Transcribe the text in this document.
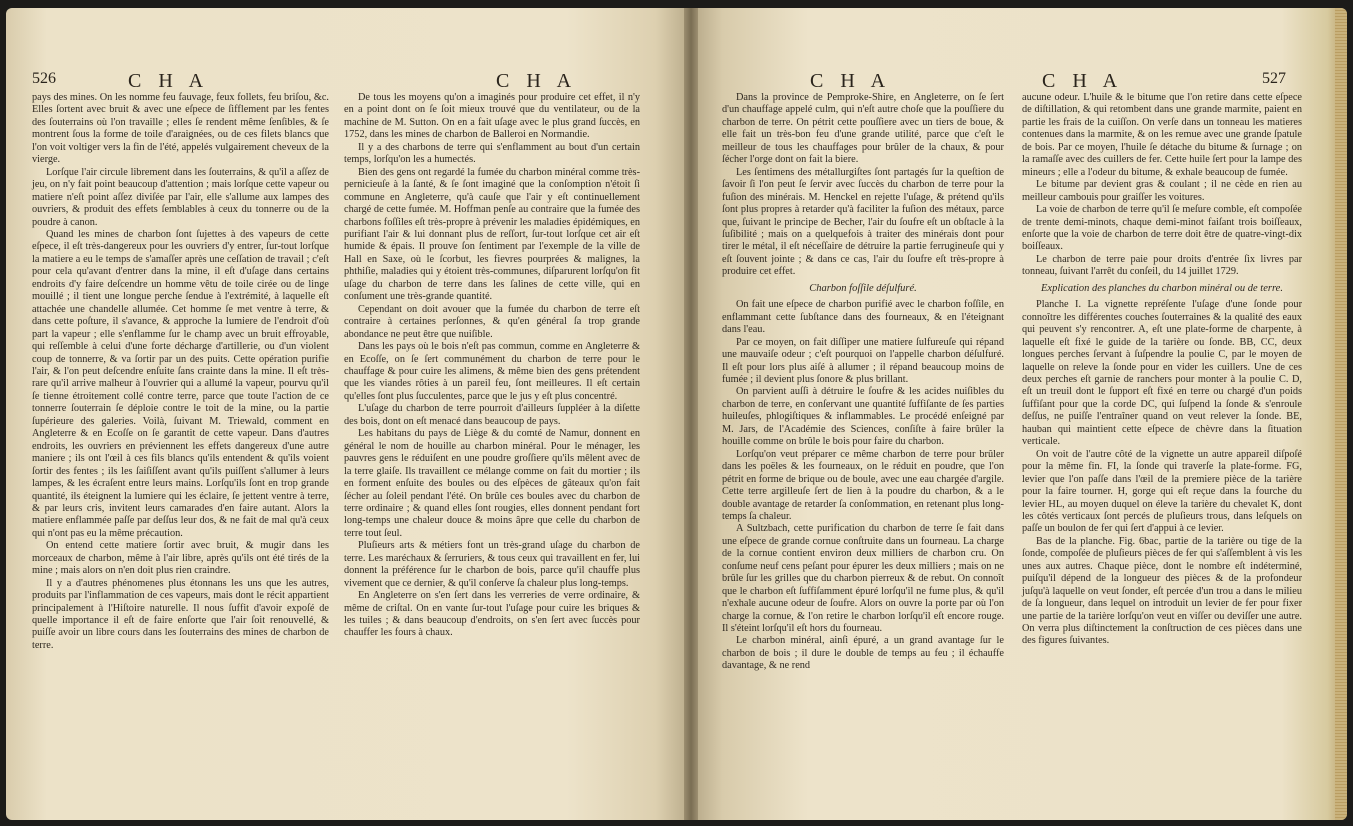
526	C H A	C H A

pays des mines. On les nomme feu fauvage, feux follets, feu briſou, &c. Elles ſortent avec bruit & avec une eſpece de ſifflement par les fentes des ſouterrains où l'on travaille ; elles ſe rendent même ſenſibles, & ſe montrent ſous la forme de toile d'araignées, ou de ces filets blancs que l'on voit voltiger vers la fin de l'été, appelés vulgairement cheveux de la vierge.

Lorſque l'air circule librement dans les ſouterrains, & qu'il a aſſez de jeu, on n'y fait point beaucoup d'attention ; mais lorſque cette vapeur ou matiere n'eſt point aſſez diviſée par l'air, elle s'allume aux lampes des ouvriers, & produit des effets ſemblables à ceux du tonnerre ou de la poudre à canon.

Quand les mines de charbon ſont ſujettes à des vapeurs de cette eſpece, il eſt très-dangereux pour les ouvriers d'y entrer, ſur-tout lorſque la matiere a eu le temps de s'amaſſer après une ceſſation de travail ; c'eſt pour cela qu'avant d'entrer dans la mine, il eſt d'uſage dans certains endroits d'y faire deſcendre un homme vêtu de toile cirée ou de linge mouillé ; il tient une longue perche ſendue à l'extrémité, à laquelle eſt attachée une chandelle allumée. Cet homme ſe met ventre à terre, & dans cette poſture, il s'avance, & approche la lumiere de l'endroit d'où part la vapeur ; elle s'enflamme ſur le champ avec un bruit effroyable, qui reſſemble à celui d'une forte décharge d'artillerie, ou d'un violent coup de tonnerre, & va ſortir par un des puits. Cette opération purifie l'air, & l'on peut deſcendre enſuite ſans crainte dans la mine. Il eſt très-rare qu'il arrive malheur à l'ouvrier qui a allumé la vapeur, pourvu qu'il ſe tienne étroitement collé contre terre, parce que toute l'action de ce tonnerre ſouterrain ſe déploie contre le toit de la mine, ou la partie ſupérieure des galeries. Voilà, ſuivant M. Triewald, comment en Angleterre & en Ecoſſe on ſe garantit de cette vapeur. Dans d'autres endroits, les ouvriers en préviennent les effets dangereux d'une autre maniere ; ils ont l'œil à ces fils blancs qu'ils entendent & qu'ils voient ſortir des fentes ; ils les ſaiſiſſent avant qu'ils puiſſent s'allumer à leurs lampes, & les écraſent entre leurs mains. Lorſqu'ils ſont en trop grande quantité, ils éteignent la lumiere qui les éclaire, ſe jettent ventre à terre, & par leurs cris, invitent leurs camarades d'en faire autant. Alors la matiere enflammée paſſe par deſſus leur dos, & ne fait de mal qu'à ceux qui n'ont pas eu la même précaution.

On entend cette matiere ſortir avec bruit, & mugir dans les morceaux de charbon, même à l'air libre, après qu'ils ont été tirés de la mine ; mais alors on n'en doit plus rien craindre.

Il y a d'autres phénomenes plus étonnans les uns que les autres, produits par l'inflammation de ces vapeurs, mais dont le récit appartient principalement à l'Hiſtoire naturelle. Il nous ſuffit d'avoir expoſé de quelle importance il eſt de faire enſorte que l'air ſoit renouvellé, & puiſſe avoir un libre cours dans les ſouterrains des mines de charbon de terre.

De tous les moyens qu'on a imaginés pour produire cet effet, il n'y en a point dont on ſe ſoit mieux trouvé que du ventilateur, ou de la machine de M. Sutton. On en a fait uſage avec le plus grand ſuccès, en 1752, dans les mines de charbon de Balleroi en Normandie.

Il y a des charbons de terre qui s'enflamment au bout d'un certain temps, lorſqu'on les a humectés.

Bien des gens ont regardé la fumée du charbon minéral comme très-pernicieuſe à la ſanté, & ſe ſont imaginé que la conſomption n'étoit ſi commune en Angleterre, qu'à cauſe que l'air y eſt continuellement chargé de cette fumée. M. Hoffman penſe au contraire que la fumée des charbons foſſiles eſt très-propre à prévenir les maladies épidémiques, en purifiant l'air & lui donnant plus de reſſort, ſur-tout lorſque cet air eſt humide & épais. Il prouve ſon ſentiment par l'exemple de la ville de Hall en Saxe, où le ſcorbut, les fievres pourprées & malignes, la phthiſie, maladies qui y étoient très-communes, diſparurent lorſqu'on fit uſage du charbon de terre dans les ſalines de cette ville, qui en conſument une très-grande quantité.

Cependant on doit avouer que la fumée du charbon de terre eſt contraire à certaines perſonnes, & qu'en général ſa trop grande abondance ne peut être que nuiſible.

Dans les pays où le bois n'eſt pas commun, comme en Angleterre & en Ecoſſe, on ſe ſert communément du charbon de terre pour le chauffage & pour cuire les alimens, & même bien des gens prétendent que les viandes rôties à un pareil feu, ſont meilleures. Il eſt certain qu'elles ſont plus ſucculentes, parce que le jus y eſt plus concentré.

L'uſage du charbon de terre pourroit d'ailleurs ſuppléer à la diſette des bois, dont on eſt menacé dans beaucoup de pays.

Les habitans du pays de Liège & du comté de Namur, donnent en général le nom de houille au charbon minéral. Pour le ménager, les pauvres gens le réduiſent en une poudre groſſiere qu'ils mêlent avec de la terre glaiſe. Ils travaillent ce mélange comme on fait du mortier ; ils en forment enſuite des boules ou des eſpèces de gâteaux qu'on fait ſécher au ſoleil pendant l'été. On brûle ces boules avec du charbon de terre ordinaire ; & quand elles ſont rougies, elles donnent pendant fort long-temps une chaleur douce & moins âpre que celle du charbon de terre tout ſeul.

Pluſieurs arts & métiers font un très-grand uſage du charbon de terre. Les maréchaux & ſerruriers, & tous ceux qui travaillent en fer, lui donnent la préférence ſur le charbon de bois, parce qu'il chauffe plus vivement que ce dernier, & qu'il conſerve ſa chaleur plus long-temps.

En Angleterre on s'en ſert dans les verreries de verre ordinaire, & même de criſtal. On en vante ſur-tout l'uſage pour cuire les briques & les tuiles ; & dans beaucoup d'endroits, on s'en ſert avec ſuccès pour chauffer les fours à chaux.

C H A	C H A	527

Dans la province de Pemproke-Shire, en Angleterre, on ſe ſert d'un chauffage appelé culm, qui n'eſt autre choſe que la pouſſiere du charbon de terre. On pétrit cette pouſſiere avec un tiers de boue, & elle fait un très-bon feu d'une grande utilité, parce que c'eſt le meilleur de tous les chauffages pour brûler de la chaux, & pour ſécher l'orge dont on fait la biere.

Les ſentimens des métallurgiſtes ſont partagés ſur la queſtion de ſavoir ſi l'on peut ſe ſervir avec ſuccès du charbon de terre pour la fuſion des minérais. M. Henckel en rejette l'uſage, & prétend qu'ils ſont plus propres à retarder qu'à faciliter la fuſion des métaux, parce que, ſuivant le principe de Becher, l'air du ſoufre eſt un obſtacle à la ſuſibilité ; mais on a quelquefois à traiter des minérais dont pour tirer le métal, il eſt néceſſaire de détruire la partie ferrugineuſe qui y eſt ſouvent jointe ; & dans ce cas, l'air du ſoufre eſt très-propre à produire cet effet.

Charbon foſſile déſulfuré.

On fait une eſpece de charbon purifié avec le charbon foſſile, en enflammant cette ſubſtance dans des fourneaux, & en l'éteignant dans l'eau.

Par ce moyen, on fait diſſiper une matiere ſulfureuſe qui répand une mauvaiſe odeur ; c'eſt pourquoi on l'appelle charbon déſulfuré. Il eſt pour lors plus aiſé à allumer ; il répand beaucoup moins de fumée ; il devient plus ſonore & plus brillant.

On parvient auſſi à détruire le ſoufre & les acides nuiſibles du charbon de terre, en conſervant une quantité ſuffiſante de ſes parties huileuſes, phlogiſtiques & inflammables. Le procédé enſeigné par M. Jars, de l'Académie des Sciences, conſiſte à faire brûler la houille comme on brûle le bois pour faire du charbon.

Lorſqu'on veut préparer ce même charbon de terre pour brûler dans les poëles & les fourneaux, on le réduit en poudre, que l'on pétrit en forme de brique ou de boule, avec une eau chargée d'argile. Cette terre argilleuſe ſert de lien à la poudre du charbon, & a le double avantage de retarder ſa conſommation, en retenant plus long-temps ſa chaleur.

A Sultzbach, cette purification du charbon de terre ſe fait dans une eſpece de grande cornue conſtruite dans un fourneau. La charge de la cornue contient environ deux milliers de charbon cru. On conſume neuf cens peſant pour épurer les deux milliers ; mais on ne brûle ſur les grilles que du charbon pierreux & de rebut. On connoît que le charbon eſt ſuffiſamment épuré lorſqu'il ne fume plus, & qu'il n'exhale aucune odeur de ſoufre. Alors on ouvre la porte par où l'on charge la cornue, & l'on retire le charbon lorſqu'il eſt encore rouge. Il s'éteint lorſqu'il eſt hors du fourneau.

Le charbon minéral, ainſi épuré, a un grand avantage ſur le charbon de bois ; il dure le double de temps au feu ; il échauffe davantage, & ne rend

aucune odeur. L'huile & le bitume que l'on retire dans cette eſpece de diſtillation, & qui retombent dans une grande marmite, paient en partie les frais de la cuiſſon. On verſe dans un tonneau les matieres contenues dans la marmite, & on les remue avec une grande ſpatule de bois. Par ce moyen, l'huile ſe détache du bitume & ſurnage ; on la ramaſſe avec des cuillers de fer. Cette huile ſert pour la lampe des mineurs ; elle a l'odeur du bitume, & exhale beaucoup de fumée.

Le bitume par devient gras & coulant ; il ne cède en rien au meilleur cambouis pour graiſſer les voitures.

La voie de charbon de terre qu'il ſe meſure comble, eſt compoſée de trente demi-minots, chaque demi-minot faiſant trois boiſſeaux, enſorte que la voie de charbon de terre doit être de quatre-vingt-dix boiſſeaux.

Le charbon de terre paie pour droits d'entrée ſix livres par tonneau, ſuivant l'arrêt du conſeil, du 14 juillet 1729.

Explication des planches du charbon minéral ou de terre.

Planche I. La vignette repréſente l'uſage d'une ſonde pour connoître les différentes couches ſouterraines & la qualité des eaux qui peuvent s'y rencontrer. A, eſt une plate-forme de charpente, à laquelle eſt fixé le guide de la tarière ou ſonde. BB, CC, deux longues perches ſervant à ſuſpendre la poulie C, par le moyen de laquelle on releve la ſonde pour en vider les cuillers. Une de ces deux perches eſt garnie de ranchers pour monter à la poulie C. D, eſt un treuil dont le ſupport eſt fixé en terre ou chargé d'un poids ſuffiſant pour que la corde DC, qui ſuſpend la ſonde & s'enroule deſſus, ne puiſſe l'entraîner quand on veut relever la ſonde. BE, hauban qui maintient cette eſpece de chèvre dans la ſituation verticale.

On voit de l'autre côté de la vignette un autre appareil diſpoſé pour la même fin. FI, la ſonde qui traverſe la plate-forme. FG, levier que l'on paſſe dans l'œil de la premiere pièce de la tarière pour la faire tourner. H, gorge qui eſt reçue dans la fourche du levier HL, au moyen duquel on éleve la tarière du chevalet K, dont les côtés verticaux ſont percés de pluſieurs trous, dans leſquels on paſſe un boulon de fer qui ſert d'appui à ce levier.

Bas de la planche. Fig. 6bac, partie de la tarière ou tige de la ſonde, compoſée de pluſieurs pièces de fer qui s'aſſemblent à vis les unes aux autres. Chaque pièce, dont le nombre eſt indéterminé, puiſqu'il dépend de la longueur des pièces & de la profondeur juſqu'à laquelle on veut ſonder, eſt percée d'un trou a dans le milieu de ſa longueur, dans lequel on introduit un levier de fer pour fixer une partie de la tarière lorſqu'on veut en viſſer ou deviſſer une autre. On verra plus diſtinctement la conſtruction de ces pièces dans une des figures ſuivantes.
